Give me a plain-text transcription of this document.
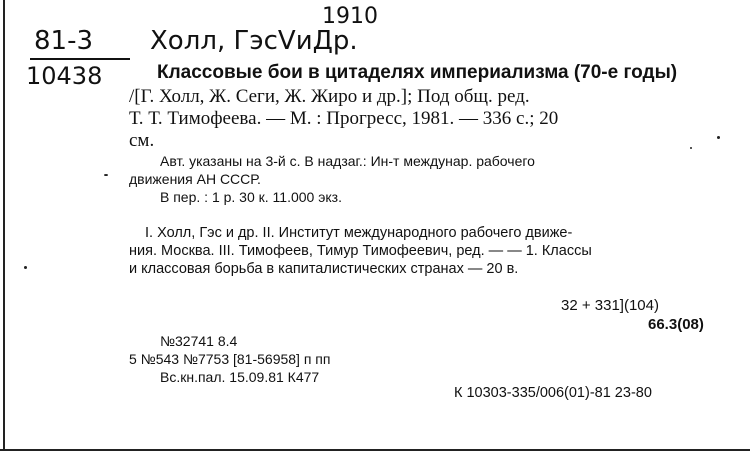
1910
81-3 Холл, ГэсVиДр.
10438	Классовые бои в цитаделях империализма (70-е годы)
/[Г. Холл, Ж. Сеги, Ж. Жиро и др.]; Под общ. ред.
Т. Т. Тимофеева. — М. : Прогресс, 1981. — 336 с.; 20
см.
Авт. указаны на 3-й с. В надзаг.: Ин-т междунар. рабочего
движения АН СССР.
В пер. : 1 р. 30 к. 11.000 экз.
I. Холл, Гэс и др. II. Институт международного рабочего движе-
ния. Москва. III. Тимофеев, Тимур Тимофеевич, ред. — — 1. Классы
и классовая борьба в капиталистических странах — 20 в.
32 + 331](104)
66.3(08)
№32741 8.4
5 №543 №7753 [81-56958] п пп
Вс.кн.пал. 15.09.81 К477
К 10303-335/006(01)-81 23-80
